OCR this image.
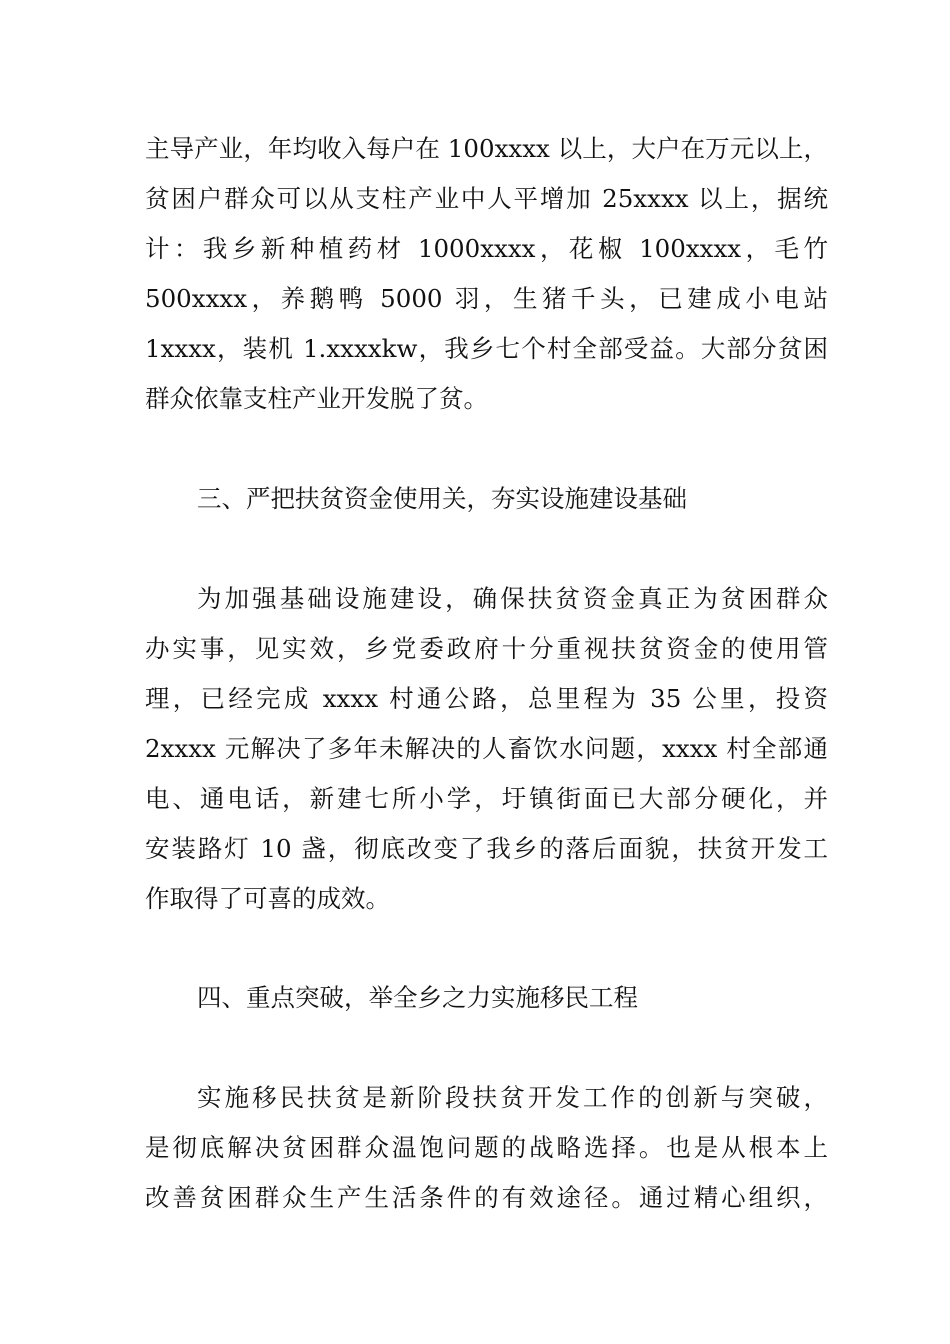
主导产业，年均收入每户在 100xxxx 以上，大户在万元以上，
贫困户群众可以从支柱产业中人平增加 25xxxx 以上，据统
计：我乡新种植药材 1000xxxx，花椒 100xxxx，毛竹
500xxxx，养鹅鸭 5000 羽，生猪千头，已建成小电站
1xxxx，装机 1.xxxxkw，我乡七个村全部受益。大部分贫困
群众依靠支柱产业开发脱了贫。
三、严把扶贫资金使用关，夯实设施建设基础
为加强基础设施建设，确保扶贫资金真正为贫困群众
办实事，见实效，乡党委政府十分重视扶贫资金的使用管
理，已经完成 xxxx 村通公路，总里程为 35 公里，投资
2xxxx 元解决了多年未解决的人畜饮水问题，xxxx 村全部通
电、通电话，新建七所小学，圩镇街面已大部分硬化，并
安装路灯 10 盏，彻底改变了我乡的落后面貌，扶贫开发工
作取得了可喜的成效。
四、重点突破，举全乡之力实施移民工程
实施移民扶贫是新阶段扶贫开发工作的创新与突破，
是彻底解决贫困群众温饱问题的战略选择。也是从根本上
改善贫困群众生产生活条件的有效途径。通过精心组织，
